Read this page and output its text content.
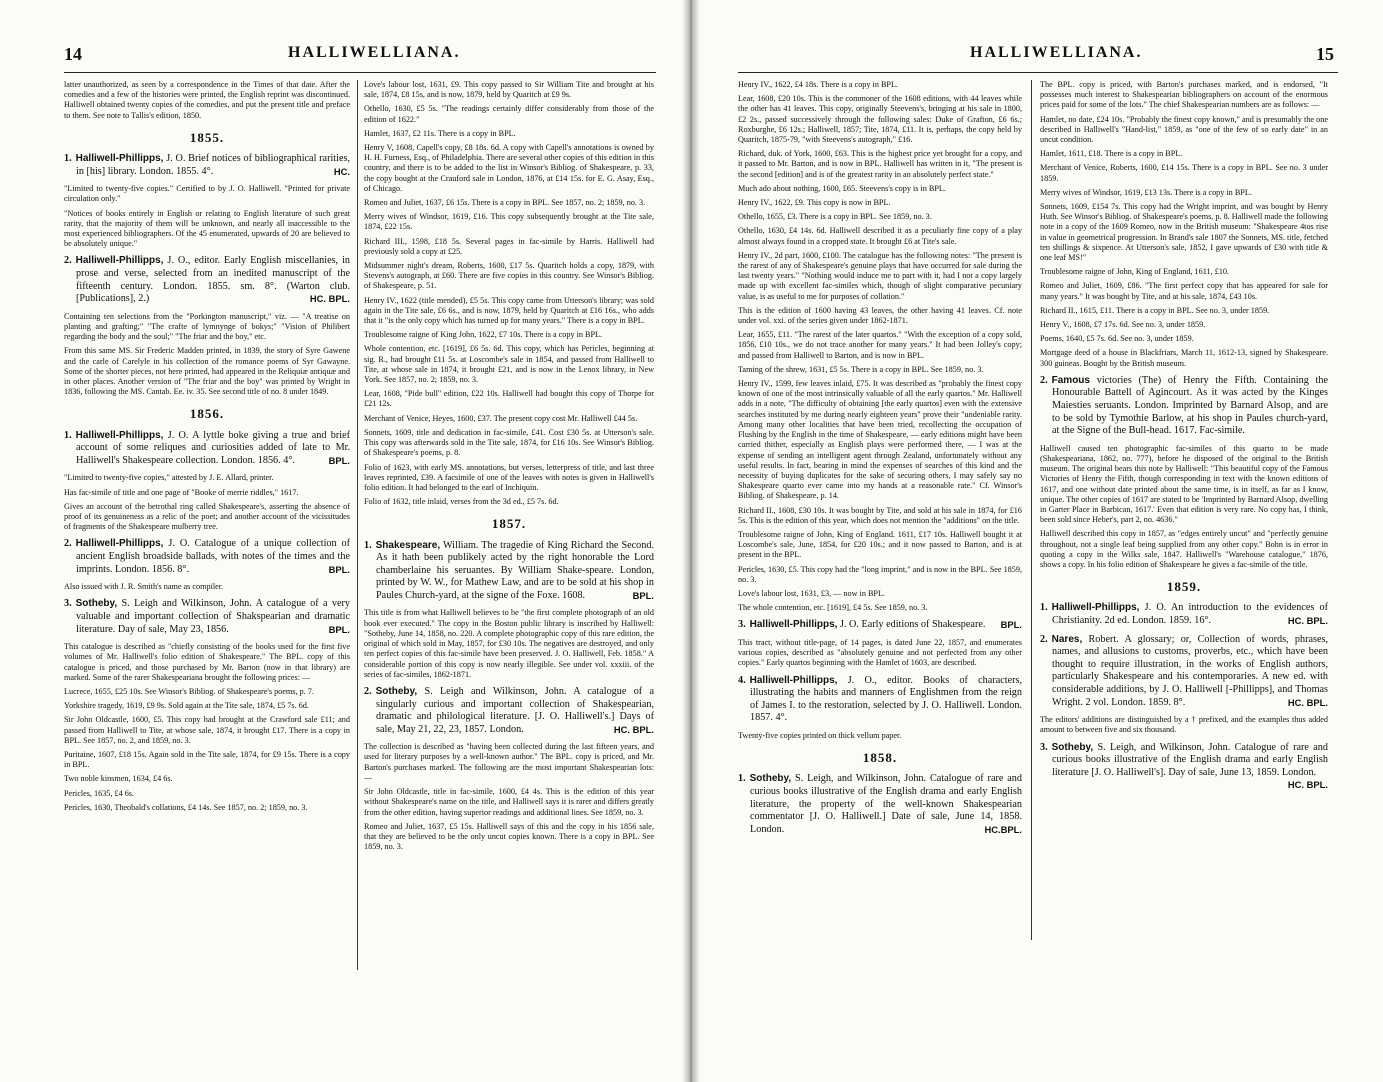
14	HALLIWELLIANA.

latter unauthorized, as seen by a correspondence in the Times of that date. After the comedies and a few of the histories were printed, the English reprint was discontinued. Halliwell obtained twenty copies of the comedies, and put the present title and preface to them. See note to Tallis's edition, 1850.

1855.
1. Halliwell-Phillipps, J. O. Brief notices of bibliographical rarities, in [his] library. London. 1855. 4°.	HC.

"Limited to twenty-five copies." Certified to by J. O. Halliwell. "Printed for private circulation only."

"Notices of books entirely in English or relating to English literature of such great rarity, that the majority of them will be unknown, and nearly all inaccessible to the most experienced bibliographers. Of the 45 enumerated, upwards of 20 are believed to be absolutely unique."

2. Halliwell-Phillipps, J. O., editor. Early English miscellanies, in prose and verse, selected from an inedited manuscript of the fifteenth century. London. 1855. sm. 8°. (Warton club. [Publications], 2.)	HC. BPL.

Containing ten selections from the "Porkington manuscript," viz. — "A treatise on planting and grafting;" "The crafte of lymnynge of bokys;" "Vision of Philibert regarding the body and the soul;" "The friar and the boy," etc.

From this same MS. Sir Frederic Madden printed, in 1839, the story of Syre Gawene and the carle of Carelyle in his collection of the romance poems of Syr Gawayne. Some of the shorter pieces, not here printed, had appeared in the Reliquiæ antiquæ and in other places. Another version of "The friar and the boy" was printed by Wright in 1836, following the MS. Cantab. Ee. iv. 35. See second title of no. 8 under 1849.

1856.
1. Halliwell-Phillipps, J. O. A lyttle boke giving a true and brief account of some reliques and curiosities added of late to Mr. Halliwell's Shakespeare collection. London. 1856. 4°.	BPL.

"Limited to twenty-five copies," attested by J. E. Allard, printer.

Has fac-simile of title and one page of "Booke of merrie riddles," 1617.

Gives an account of the betrothal ring called Shakespeare's, asserting the absence of proof of its genuineness as a relic of the poet; and another account of the vicissitudes of fragments of the Shakespeare mulberry tree.

2. Halliwell-Phillipps, J. O. Catalogue of a unique collection of ancient English broadside ballads, with notes of the times and the imprints. London. 1856. 8°.	BPL.

Also issued with J. R. Smith's name as compiler.

3. Sotheby, S. Leigh and Wilkinson, John. A catalogue of a very valuable and important collection of Shakspearian and dramatic literature. Day of sale, May 23, 1856.	BPL.

This catalogue is described as "chiefly consisting of the books used for the first five volumes of Mr. Halliwell's folio edition of Shakespeare." The BPL. copy of this catalogue is priced, and those purchased by Mr. Barton (now in that library) are marked. Some of the rarer Shakespeariana brought the following prices: —

Lucrece, 1655, £25 10s. See Winsor's Bibliog. of Shakespeare's poems, p. 7.

Yorkshire tragedy, 1619, £9 9s. Sold again at the Tite sale, 1874, £5 7s. 6d.

Sir John Oldcastle, 1600, £5. This copy had brought at the Crawford sale £11; and passed from Halliwell to Tite, at whose sale, 1874, it brought £17. There is a copy in BPL. See 1857, no. 2, and 1859, no. 3.

Puritaine, 1607, £18 15s. Again sold in the Tite sale, 1874, for £9 15s. There is a copy in BPL.

Two noble kinsmen, 1634, £4 6s.

Pericles, 1635, £4 6s.

Pericles, 1630, Theobald's collations, £4 14s. See 1857, no. 2; 1859, no. 3.

Love's labour lost, 1631, £9. This copy passed to Sir William Tite and brought at his sale, 1874, £8 15s, and is now, 1879, held by Quaritch at £9 9s.

Othello, 1630, £5 5s. "The readings certainly differ considerably from those of the edition of 1622."

Hamlet, 1637, £2 11s. There is a copy in BPL.

Henry V, 1608, Capell's copy, £8 18s. 6d. A copy with Capell's annotations is owned by H. H. Furness, Esq., of Philadelphia. There are several other copies of this edition in this country, and there is to be added to the list in Winsor's Bibliog. of Shakespeare, p. 33, the copy bought at the Crauford sale in London, 1876, at £14 15s. for E. G. Asay, Esq., of Chicago.

Romeo and Juliet, 1637, £6 15s. There is a copy in BPL. See 1857, no. 2; 1859, no. 3.

Merry wives of Windsor, 1619, £16. This copy subsequently brought at the Tite sale, 1874, £22 15s.

Richard III., 1598, £18 5s. Several pages in fac-simile by Harris. Halliwell had previously sold a copy at £25.

Midsummer night's dream, Roberts, 1600, £17 5s. Quaritch holds a copy, 1879, with Stevens's autograph, at £60. There are five copies in this country. See Winsor's Bibliog. of Shakespeare, p. 51.

Henry IV., 1622 (title mended), £5 5s. This copy came from Utterson's library; was sold again in the Tite sale, £6 6s., and is now, 1879, held by Quaritch at £16 16s., who adds that it "is the only copy which has turned up for many years." There is a copy in BPL.

Troublesome raigne of King John, 1622, £7 10s. There is a copy in BPL.

Whole contention, etc. [1619], £6 5s. 6d. This copy, which has Pericles, beginning at sig. R., had brought £11 5s. at Loscombe's sale in 1854, and passed from Halliwell to Tite, at whose sale in 1874, it brought £21, and is now in the Lenox library, in New York. See 1857, no. 2; 1859, no. 3.

Lear, 1608, "Pide bull" edition, £22 10s. Halliwell had bought this copy of Thorpe for £21 12s.

Merchant of Venice, Heyes, 1600, £37. The present copy cost Mr. Halliwell £44 5s.

Sonnets, 1609, title and dedication in fac-simile, £41. Cost £30 5s. at Utterson's sale. This copy was afterwards sold in the Tite sale, 1874, for £16 10s. See Winsor's Bibliog. of Shakespeare's poems, p. 8.

Folio of 1623, with early MS. annotations, but verses, letterpress of title, and last three leaves reprinted, £39. A facsimile of one of the leaves with notes is given in Halliwell's folio edition. It had belonged to the earl of Inchiquin.

Folio of 1632, title inlaid, verses from the 3d ed., £5 7s. 6d.

1857.
1. Shakespeare, William. The tragedie of King Richard the Second. As it hath been publikely acted by the right honorable the Lord chamberlaine his seruantes. By William Shake-speare. London, printed by W. W., for Mathew Law, and are to be sold at his shop in Paules Church-yard, at the signe of the Foxe. 1608.	BPL.

This title is from what Halliwell believes to be "the first complete photograph of an old book ever executed." The copy in the Boston public library is inscribed by Halliwell: "Sotheby, June 14, 1858, no. 220. A complete photographic copy of this rare edition, the original of which sold in May, 1857, for £30 10s. The negatives are destroyed, and only ten perfect copies of this fac-simile have been preserved. J. O. Halliwell, Feb. 1858." A considerable portion of this copy is now nearly illegible. See under vol. xxxiii. of the series of fac-similes, 1862-1871.

2. Sotheby, S. Leigh and Wilkinson, John. A catalogue of a singularly curious and important collection of Shakespearian, dramatic and philological literature. [J. O. Halliwell's.] Days of sale, May 21, 22, 23, 1857. London.	HC. BPL.

The collection is described as "having been collected during the last fifteen years, and used for literary purposes by a well-known author." The BPL. copy is priced, and Mr. Barton's purchases marked. The following are the most important Shakespearian lots: —

Sir John Oldcastle, title in fac-simile, 1600, £4 4s. This is the edition of this year without Shakespeare's name on the title, and Halliwell says it is rarer and differs greatly from the other edition, having superior readings and additional lines. See 1859, no. 3.

Romeo and Juliet, 1637, £5 15s. Halliwell says of this and the copy in his 1856 sale, that they are believed to be the only uncut copies known. There is a copy in BPL. See 1859, no. 3.

HALLIWELLIANA.	15

Henry IV., 1622, £4 18s. There is a copy in BPL.

Lear, 1608, £20 10s. This is the commoner of the 1608 editions, with 44 leaves while the other has 41 leaves. This copy, originally Steevens's, bringing at his sale in 1800, £2 2s., passed successively through the following sales: Duke of Grafton, £6 6s.; Roxburghe, £6 12s.; Halliwell, 1857; Tite, 1874, £11. It is, perhaps, the copy held by Quaritch, 1875-79, "with Steevens's autograph," £16.

Richard, duk. of York, 1600, £63. This is the highest price yet brought for a copy, and it passed to Mr. Barton, and is now in BPL. Halliwell has written in it, "The present is the second [edition] and is of the greatest rarity in an absolutely perfect state."

Much ado about nothing, 1600, £65. Steevens's copy is in BPL.

Henry IV., 1622, £9. This copy is now in BPL.

Othello, 1655, £3. There is a copy in BPL. See 1859, no. 3.

Othello, 1630, £4 14s. 6d. Halliwell described it as a peculiarly fine copy of a play almost always found in a cropped state. It brought £6 at Tite's sale.

Henry IV., 2d part, 1600, £100. The catalogue has the following notes: "The present is the rarest of any of Shakespeare's genuine plays that have occurred for sale during the last twenty years." "Nothing would induce me to part with it, had I not a copy largely made up with excellent fac-similes which, though of slight comparative pecuniary value, is as useful to me for purposes of collation."

This is the edition of 1600 having 43 leaves, the other having 41 leaves. Cf. note under vol. xxi. of the series given under 1862-1871.

Lear, 1655, £11. "The rarest of the later quartos." "With the exception of a copy sold, 1856, £10 10s., we do not trace another for many years." It had been Jolley's copy; and passed from Halliwell to Barton, and is now in BPL.

Taming of the shrew, 1631, £5 5s. There is a copy in BPL. See 1859, no. 3.

Henry IV., 1599, few leaves inlaid, £75. It was described as "probably the finest copy known of one of the most intrinsically valuable of all the early quartos." Mr. Halliwell adds in a note, "The difficulty of obtaining [the early quartos] even with the extensive searches instituted by me during nearly eighteen years" prove their "undeniable rarity. Among many other localities that have been tried, recollecting the occupation of Flushing by the English in the time of Shakespeare, — early editions might have been carried thither, especially as English plays were performed there, — I was at the expense of sending an intelligent agent through Zealand, unfortunately without any useful results. In fact, bearing in mind the expenses of searches of this kind and the necessity of buying duplicates for the sake of securing others, I may safely say no Shakespeare quarto ever came into my hands at a reasonable rate." Cf. Winsor's Bibliog. of Shakespeare, p. 14.

Richard II., 1608, £30 10s. It was bought by Tite, and sold at his sale in 1874, for £16 5s. This is the edition of this year, which does not mention the "additions" on the title.

Troublesome raigne of John, King of England. 1611, £17 10s. Halliwell bought it at Loscombe's sale, June, 1854, for £20 10s.; and it now passed to Barton, and is at present in the BPL.

Pericles, 1630, £5. This copy had the "long imprint," and is now in the BPL. See 1859, no. 3.

Love's labour lost, 1631, £3, — now in BPL.

The whole contention, etc. [1619], £4 5s. See 1859, no. 3.

3. Halliwell-Phillipps, J. O. Early editions of Shakespeare. BPL.

This tract, without title-page, of 14 pages, is dated June 22, 1857, and enumerates various copies, described as "absolutely genuine and not perfected from any other copies." Early quartos beginning with the Hamlet of 1603, are described.

4. Halliwell-Phillipps, J. O., editor. Books of characters, illustrating the habits and manners of Englishmen from the reign of James I. to the restoration, selected by J. O. Halliwell. London. 1857. 4°.

Twenty-five copies printed on thick vellum paper.

1858.
1. Sotheby, S. Leigh, and Wilkinson, John. Catalogue of rare and curious books illustrative of the English drama and early English literature, the property of the well-known Shakespearian commentator [J. O. Halliwell.] Date of sale, June 14, 1858. London.	HC.BPL.

The BPL. copy is priced, with Barton's purchases marked, and is endorsed, "It possesses much interest to Shakespearian bibliographers on account of the enormous prices paid for some of the lots." The chief Shakespearian numbers are as follows: —

Hamlet, no date, £24 10s. "Probably the finest copy known," and is presumably the one described in Halliwell's "Hand-list," 1859, as "one of the few of so early date" in an uncut condition.

Hamlet, 1611, £18. There is a copy in BPL.

Merchant of Venice, Roberts, 1600, £14 15s. There is a copy in BPL. See no. 3 under 1859.

Merry wives of Windsor, 1619, £13 13s. There is a copy in BPL.

Sonnets, 1609, £154 7s. This copy had the Wright imprint, and was bought by Henry Huth. See Winsor's Bibliog. of Shakespeare's poems, p. 8. Halliwell made the following note in a copy of the 1609 Romeo, now in the British museum: "Shakespeare 4tos rise in value in geometrical progression. In Brand's sale 1807 the Sonnets, MS. title, fetched ten shillings & sixpence. At Utterson's sale, 1852, I gave upwards of £30 with title & one leaf MS!"

Troublesome raigne of John, King of England, 1611, £10.

Romeo and Juliet, 1609, £86. "The first perfect copy that has appeared for sale for many years." It was bought by Tite, and at his sale, 1874, £43 10s.

Richard II., 1615, £11. There is a copy in BPL. See no. 3, under 1859.

Henry V., 1608, £7 17s. 6d. See no. 3, under 1859.

Poems, 1640, £5 7s. 6d. See no. 3, under 1859.

Mortgage deed of a house in Blackfriars, March 11, 1612-13, signed by Shakespeare. 300 guineas. Bought by the British museum.

2. Famous victories (The) of Henry the Fifth. Containing the Honourable Battell of Agincourt. As it was acted by the Kinges Maiesties seruants. London. Imprinted by Barnard Alsop, and are to be sold by Tymothie Barlow, at his shop in Paules church-yard, at the Signe of the Bull-head. 1617. Fac-simile.

Halliwell caused ten photographic fac-similes of this quarto to be made (Shakespeariana, 1862, no. 777), before he disposed of the original to the British museum. The original bears this note by Halliwell: "This beautiful copy of the Famous Victories of Henry the Fifth, though corresponding in text with the known editions of 1617, and one without date printed about the same time, is in itself, as far as I know, unique. The other copies of 1617 are stated to be 'Imprinted by Barnard Alsop, dwelling in Garter Place in Barbican, 1617.' Even that edition is very rare. No copy has, I think, been sold since Heber's, part 2, no. 4636."

Halliwell described this copy in 1857, as "edges entirely uncut" and "perfectly genuine throughout, not a single leaf being supplied from any other copy." Bohn is in error in quoting a copy in the Wilks sale, 1847. Halliwell's "Warehouse catalogue," 1876, shows a copy. In his folio edition of Shakespeare he gives a fac-simile of the title.

1859.
1. Halliwell-Phillipps, J. O. An introduction to the evidences of Christianity. 2d ed. London. 1859. 16°.	HC. BPL.
2. Nares, Robert. A glossary; or, Collection of words, phrases, names, and allusions to customs, proverbs, etc., which have been thought to require illustration, in the works of English authors, particularly Shakespeare and his contemporaries. A new ed. with considerable additions, by J. O. Halliwell [-Phillipps], and Thomas Wright. 2 vol. London. 1859. 8°.	HC. BPL.

The editors' additions are distinguished by a † prefixed, and the examples thus added amount to between five and six thousand.

3. Sotheby, S. Leigh, and Wilkinson, John. Catalogue of rare and curious books illustrative of the English drama and early English literature [J. O. Halliwell's]. Day of sale, June 13, 1859. London.
HC. BPL.
